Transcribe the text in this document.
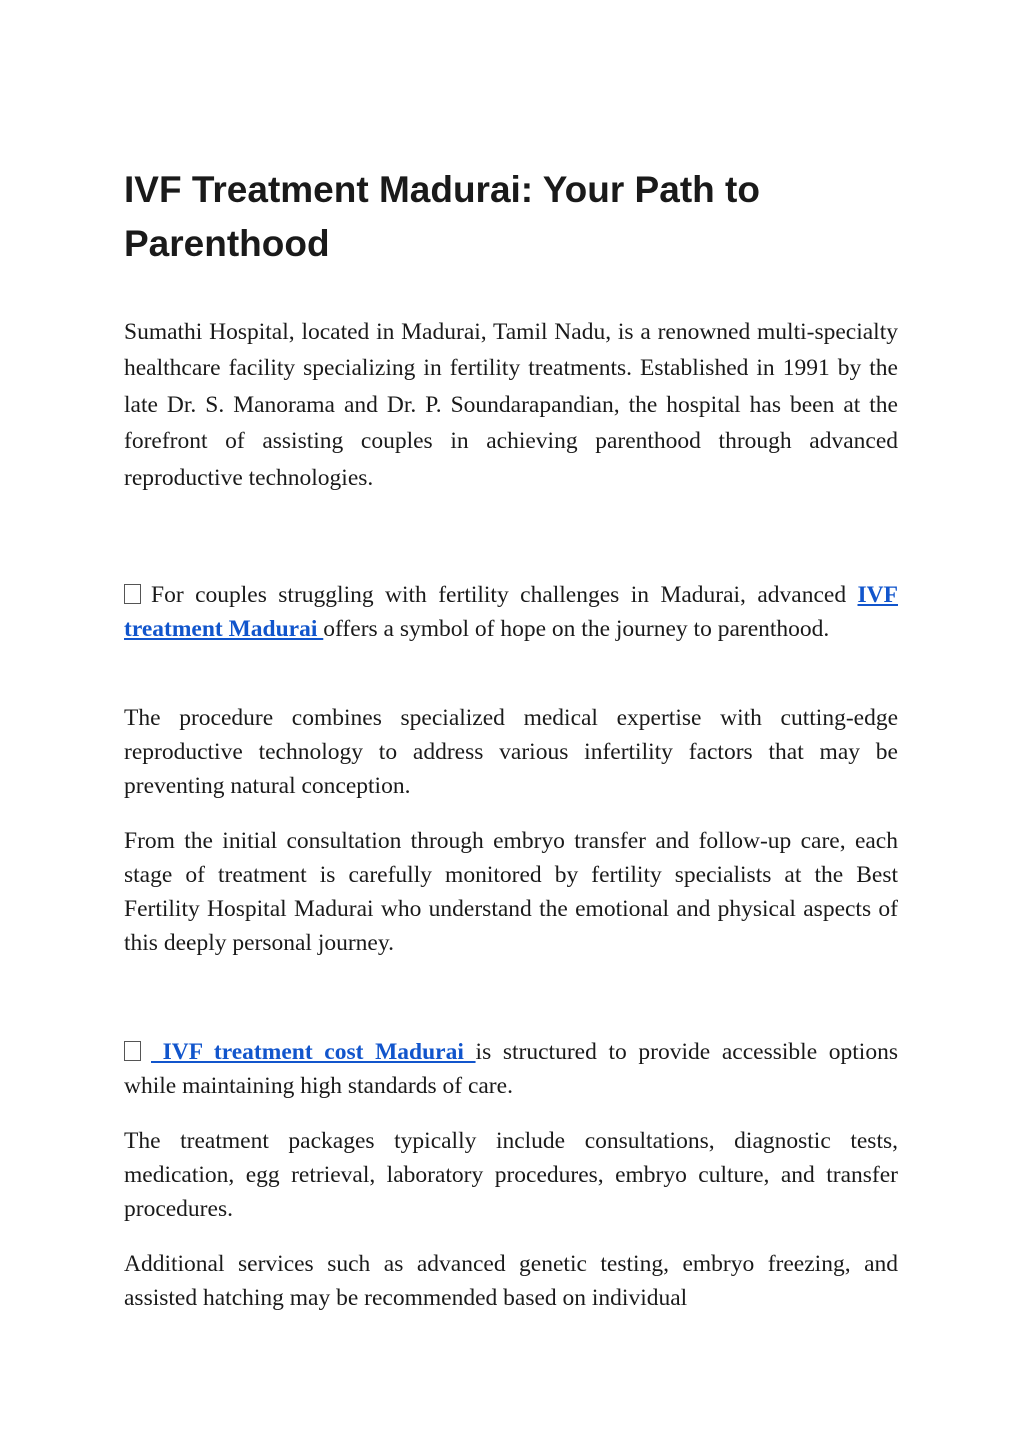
IVF Treatment Madurai: Your Path to Parenthood

Sumathi Hospital, located in Madurai, Tamil Nadu, is a renowned multi-specialty healthcare facility specializing in fertility treatments. Established in 1991 by the late Dr. S. Manorama and Dr. P. Soundarapandian, the hospital has been at the forefront of assisting couples in achieving parenthood through advanced reproductive technologies.

For couples struggling with fertility challenges in Madurai, advanced IVF treatment Madurai offers a symbol of hope on the journey to parenthood.

The procedure combines specialized medical expertise with cutting-edge reproductive technology to address various infertility factors that may be preventing natural conception.

From the initial consultation through embryo transfer and follow-up care, each stage of treatment is carefully monitored by fertility specialists at the Best Fertility Hospital Madurai who understand the emotional and physical aspects of this deeply personal journey.

IVF treatment cost Madurai is structured to provide accessible options while maintaining high standards of care.

The treatment packages typically include consultations, diagnostic tests, medication, egg retrieval, laboratory procedures, embryo culture, and transfer procedures.

Additional services such as advanced genetic testing, embryo freezing, and assisted hatching may be recommended based on individual
